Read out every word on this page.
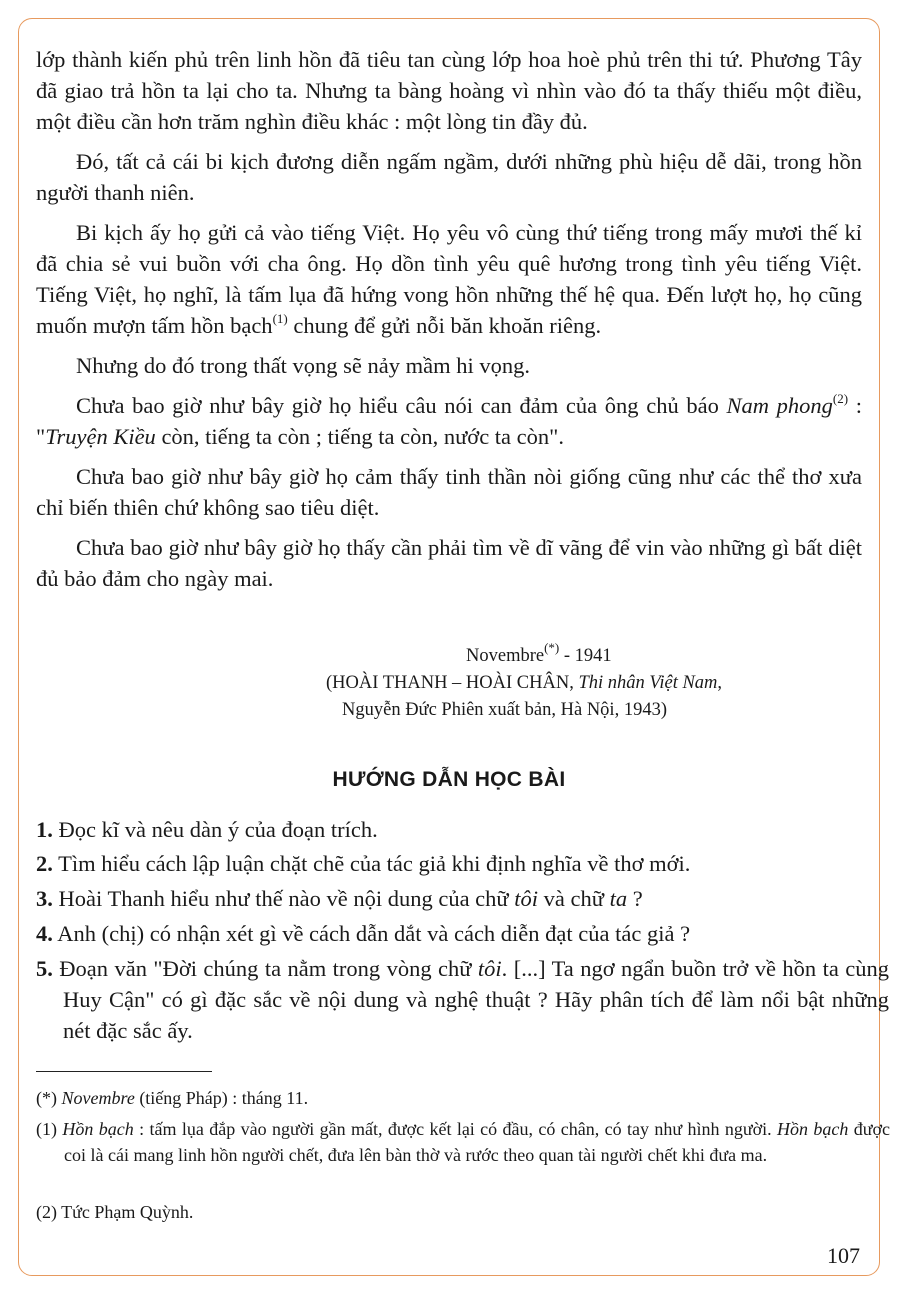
lớp thành kiến phủ trên linh hồn đã tiêu tan cùng lớp hoa hoè phủ trên thi tứ. Phương Tây đã giao trả hồn ta lại cho ta. Nhưng ta bàng hoàng vì nhìn vào đó ta thấy thiếu một điều, một điều cần hơn trăm nghìn điều khác : một lòng tin đầy đủ.

Đó, tất cả cái bi kịch đương diễn ngấm ngầm, dưới những phù hiệu dễ dãi, trong hồn người thanh niên.

Bi kịch ấy họ gửi cả vào tiếng Việt. Họ yêu vô cùng thứ tiếng trong mấy mươi thế kỉ đã chia sẻ vui buồn với cha ông. Họ dồn tình yêu quê hương trong tình yêu tiếng Việt. Tiếng Việt, họ nghĩ, là tấm lụa đã hứng vong hồn những thế hệ qua. Đến lượt họ, họ cũng muốn mượn tấm hồn bạch$^{(1)}$ chung để gửi nỗi băn khoăn riêng.

Nhưng do đó trong thất vọng sẽ nảy mầm hi vọng.

Chưa bao giờ như bây giờ họ hiểu câu nói can đảm của ông chủ báo Nam phong$^{(2)}$ : "Truyện Kiều còn, tiếng ta còn ; tiếng ta còn, nước ta còn".

Chưa bao giờ như bây giờ họ cảm thấy tinh thần nòi giống cũng như các thể thơ xưa chỉ biến thiên chứ không sao tiêu diệt.

Chưa bao giờ như bây giờ họ thấy cần phải tìm về dĩ vãng để vin vào những gì bất diệt đủ bảo đảm cho ngày mai.

Novembre(*) - 1941
(HOÀI THANH – HOÀI CHÂN, Thi nhân Việt Nam,
Nguyễn Đức Phiên xuất bản, Hà Nội, 1943)
HƯỚNG DẪN HỌC BÀI
1. Đọc kĩ và nêu dàn ý của đoạn trích.
2. Tìm hiểu cách lập luận chặt chẽ của tác giả khi định nghĩa về thơ mới.
3. Hoài Thanh hiểu như thế nào về nội dung của chữ tôi và chữ ta ?
4. Anh (chị) có nhận xét gì về cách dẫn dắt và cách diễn đạt của tác giả ?
5. Đoạn văn "Đời chúng ta nằm trong vòng chữ tôi. [...] Ta ngơ ngẩn buồn trở về hồn ta cùng Huy Cận" có gì đặc sắc về nội dung và nghệ thuật ? Hãy phân tích để làm nổi bật những nét đặc sắc ấy.
(*) Novembre (tiếng Pháp) : tháng 11.
(1) Hồn bạch : tấm lụa đắp vào người gần mất, được kết lại có đầu, có chân, có tay như hình người. Hồn bạch được coi là cái mang linh hồn người chết, đưa lên bàn thờ và rước theo quan tài người chết khi đưa ma.
(2) Tức Phạm Quỳnh.
107
